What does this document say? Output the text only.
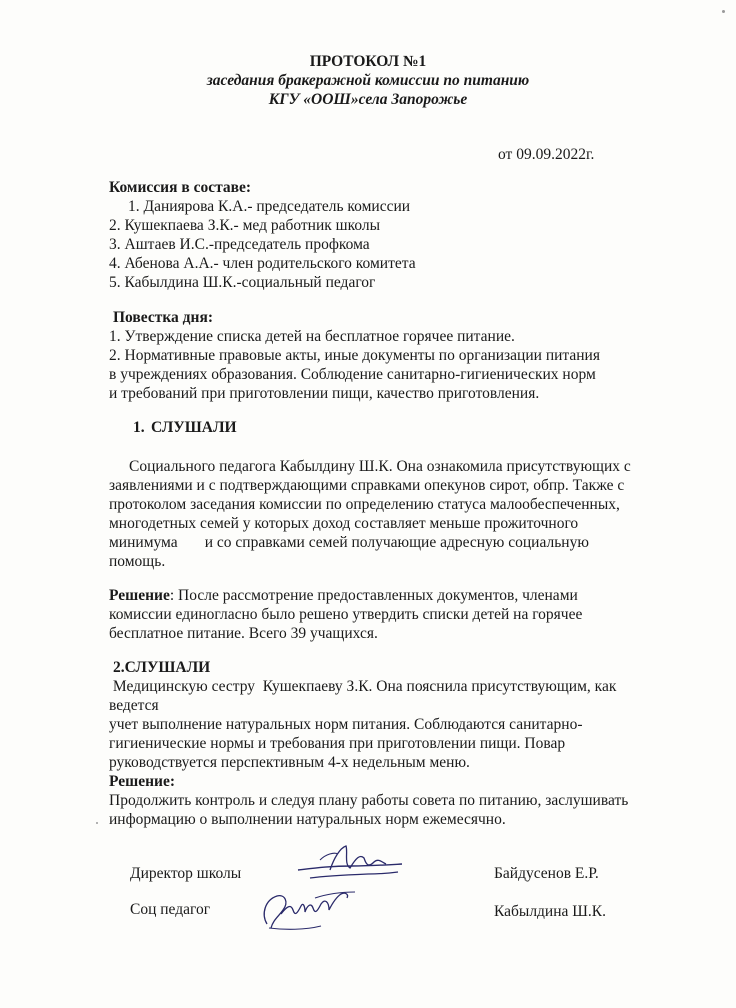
ПРОТОКОЛ №1
заседания бракеражной комиссии по питанию
КГУ «ООШ»села Запорожье
от 09.09.2022г.
Комиссия в составе:
1. Даниярова К.А.- председатель комиссии
2. Кушекпаева З.К.- мед работник школы
3. Аштаев И.С.-председатель профкома
4. Абенова А.А.- член родительского комитета
5. Кабылдина Ш.К.-социальный педагог
Повестка дня:
1. Утверждение списка детей на бесплатное горячее питание.
2. Нормативные правовые акты, иные документы по организации питания
в учреждениях образования. Соблюдение санитарно-гигиенических норм
и требований при приготовлении пищи, качество приготовления.
1. СЛУШАЛИ
Социального педагога Кабылдину Ш.К. Она ознакомила присутствующих с
заявлениями и с подтверждающими справками опекунов сирот, обпр. Также с
протоколом заседания комиссии по определению статуса малообеспеченных,
многодетных семей у которых доход составляет меньше прожиточного
минимума       и со справками семей получающие адресную социальную
помощь.
Решение: После рассмотрение предоставленных документов, членами
комиссии единогласно было решено утвердить списки детей на горячее
бесплатное питание. Всего 39 учащихся.
2.СЛУШАЛИ
Медицинскую сестру  Кушекпаеву З.К. Она пояснила присутствующим, как
ведется
учет выполнение натуральных норм питания. Соблюдаются санитарно-
гигиенические нормы и требования при приготовлении пищи. Повар
руководствуется перспективным 4-х недельным меню.
Решение:
Продолжить контроль и следуя плану работы совета по питанию, заслушивать
информацию о выполнении натуральных норм ежемесячно.
Директор школы	Байдусенов Е.Р.
Соц педагог	Кабылдина Ш.К.
